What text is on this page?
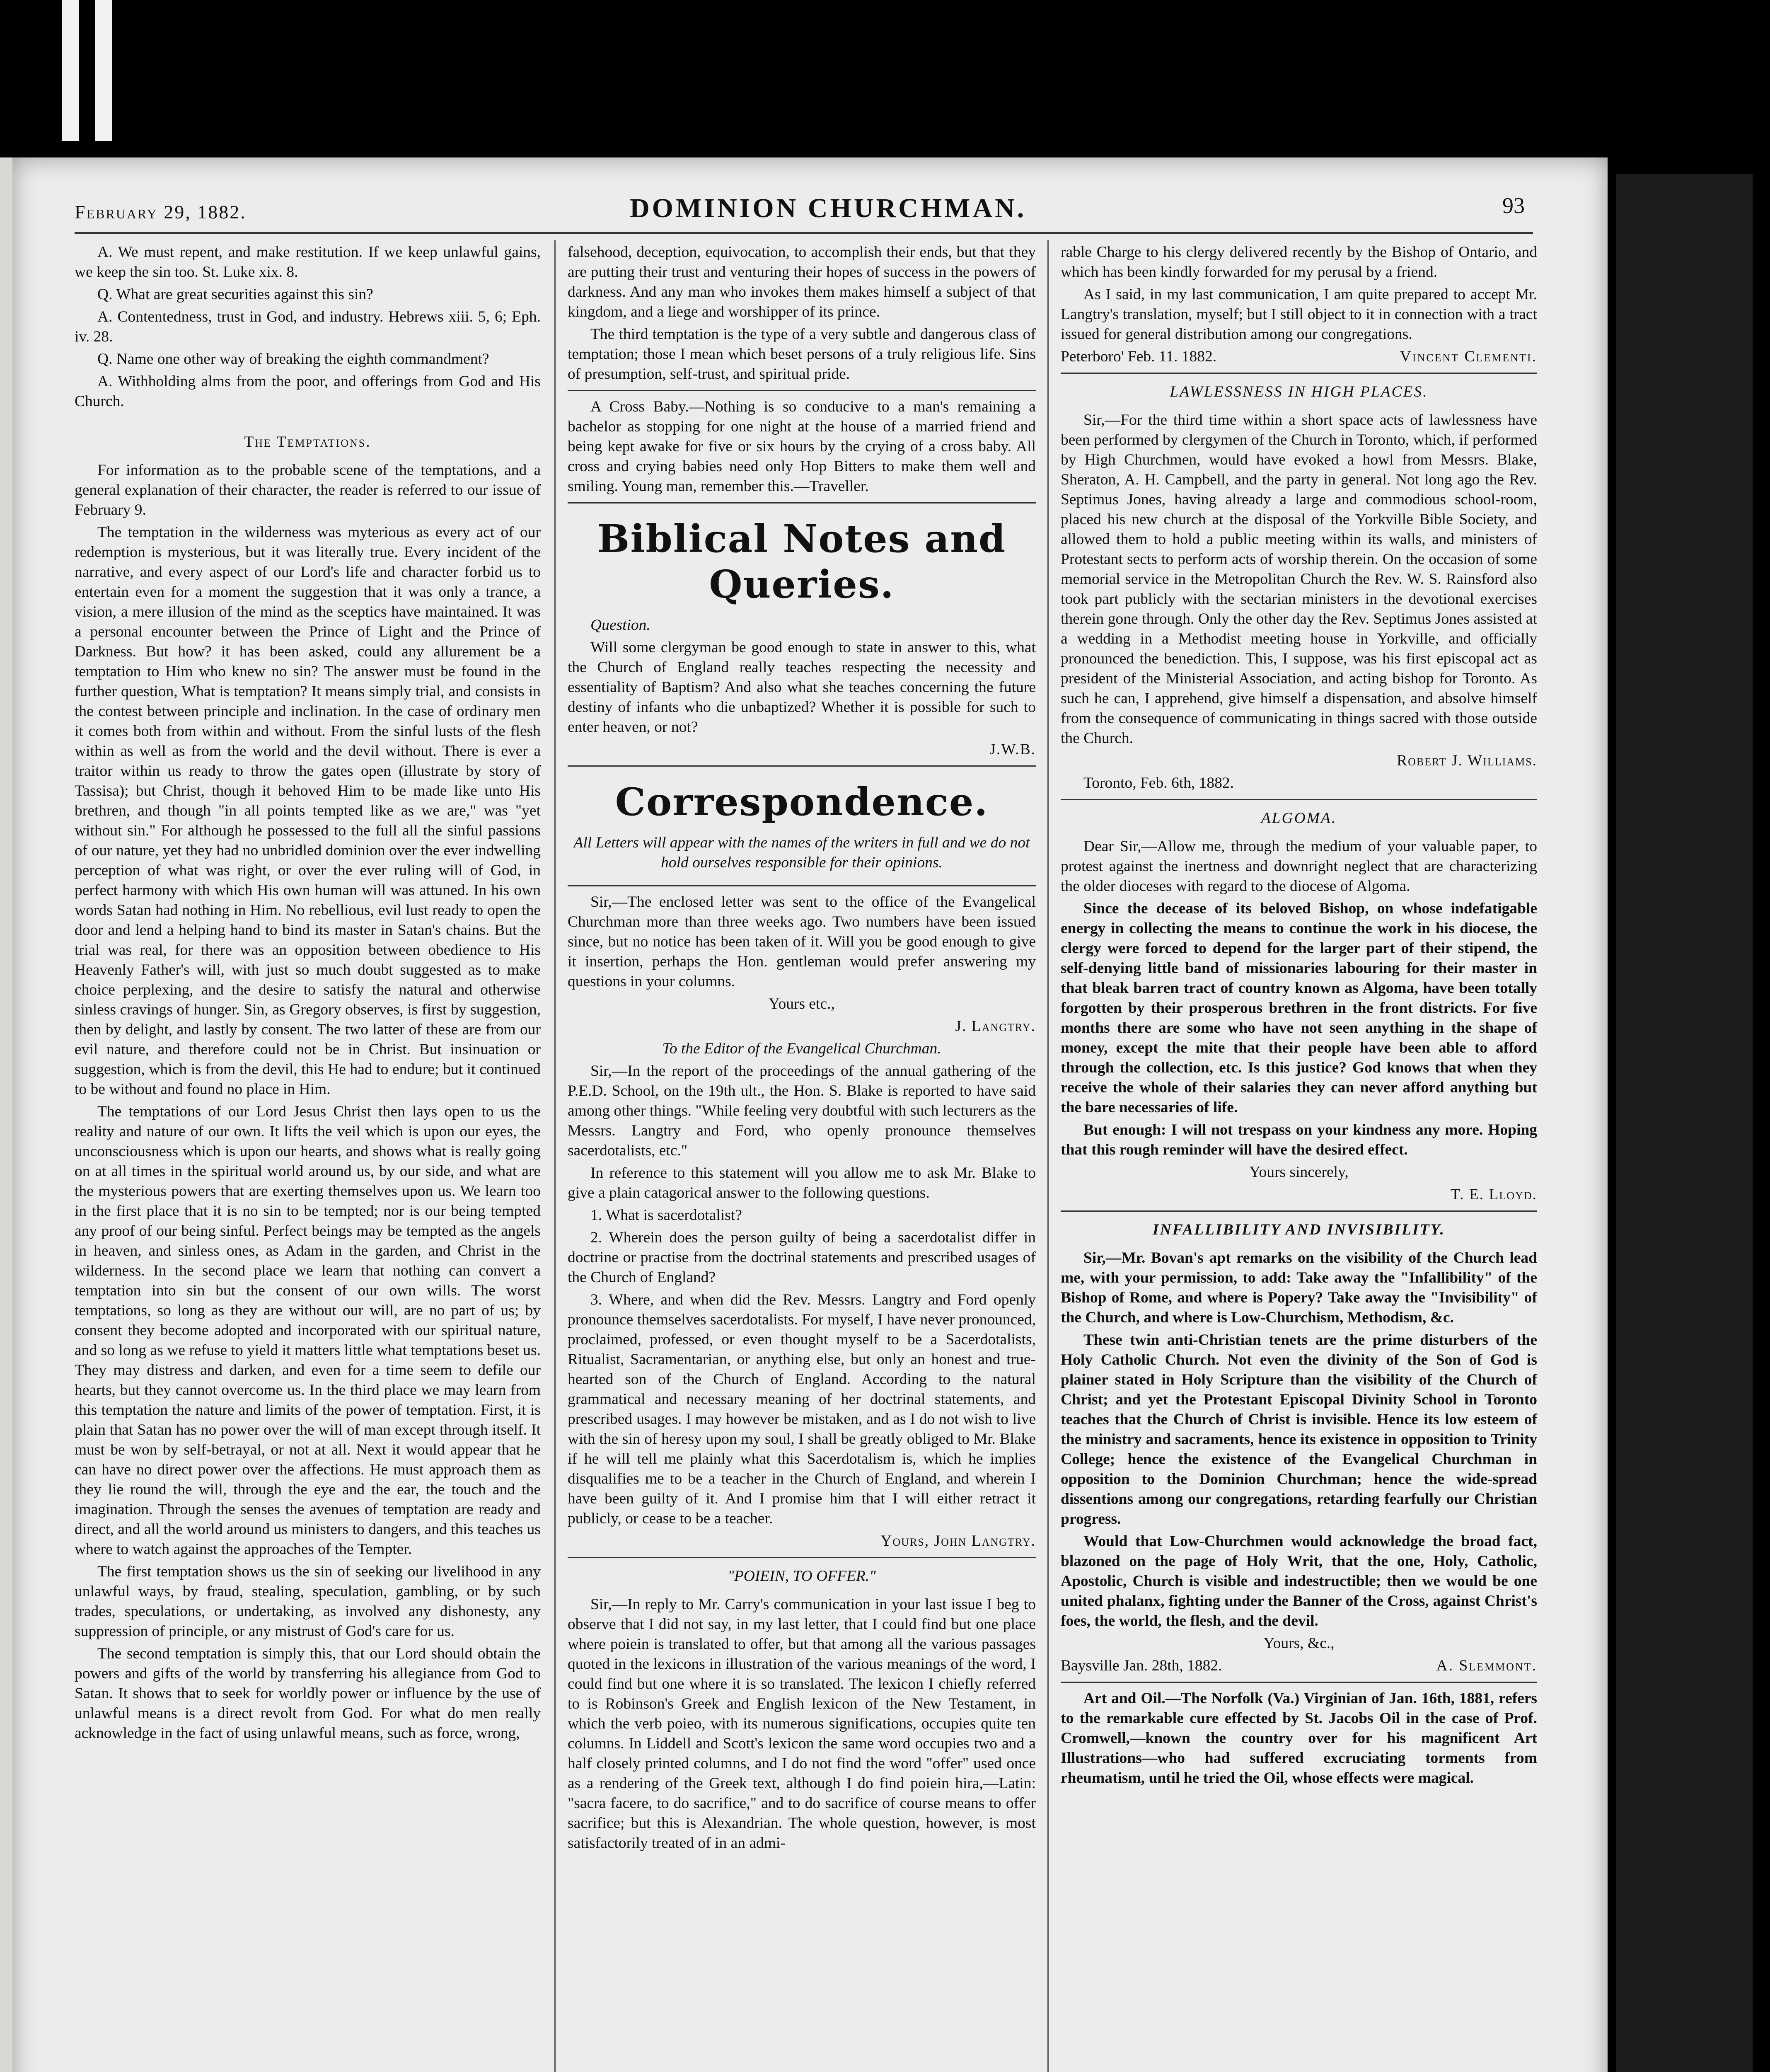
February 29, 1882.	DOMINION CHURCHMAN.	93

A. We must repent, and make restitution. If we keep unlawful gains, we keep the sin too. St. Luke xix. 8.

Q. What are great securities against this sin?

A. Contentedness, trust in God, and industry. Hebrews xiii. 5, 6; Eph. iv. 28.

Q. Name one other way of breaking the eighth commandment?

A. Withholding alms from the poor, and offerings from God and His Church.

The Temptations.

For information as to the probable scene of the temptations, and a general explanation of their character, the reader is referred to our issue of February 9.

The temptation in the wilderness was myterious as every act of our redemption is mysterious, but it was literally true. Every incident of the narrative, and every aspect of our Lord's life and character forbid us to entertain even for a moment the suggestion that it was only a trance, a vision, a mere illusion of the mind as the sceptics have maintained. It was a personal encounter between the Prince of Light and the Prince of Darkness. But how? it has been asked, could any allurement be a temptation to Him who knew no sin? The answer must be found in the further question, What is temptation? It means simply trial, and consists in the contest between principle and inclination. In the case of ordinary men it comes both from within and without. From the sinful lusts of the flesh within as well as from the world and the devil without. There is ever a traitor within us ready to throw the gates open (illustrate by story of Tassisa); but Christ, though it behoved Him to be made like unto His brethren, and though "in all points tempted like as we are," was "yet without sin." For although he possessed to the full all the sinful passions of our nature, yet they had no unbridled dominion over the ever indwelling perception of what was right, or over the ever ruling will of God, in perfect harmony with which His own human will was attuned. In his own words Satan had nothing in Him. No rebellious, evil lust ready to open the door and lend a helping hand to bind its master in Satan's chains. But the trial was real, for there was an opposition between obedience to His Heavenly Father's will, with just so much doubt suggested as to make choice perplexing, and the desire to satisfy the natural and otherwise sinless cravings of hunger. Sin, as Gregory observes, is first by suggestion, then by delight, and lastly by consent. The two latter of these are from our evil nature, and therefore could not be in Christ. But insinuation or suggestion, which is from the devil, this He had to endure; but it continued to be without and found no place in Him.

The temptations of our Lord Jesus Christ then lays open to us the reality and nature of our own. It lifts the veil which is upon our eyes, the unconsciousness which is upon our hearts, and shows what is really going on at all times in the spiritual world around us, by our side, and what are the mysterious powers that are exerting themselves upon us. We learn too in the first place that it is no sin to be tempted; nor is our being tempted any proof of our being sinful. Perfect beings may be tempted as the angels in heaven, and sinless ones, as Adam in the garden, and Christ in the wilderness. In the second place we learn that nothing can convert a temptation into sin but the consent of our own wills. The worst temptations, so long as they are without our will, are no part of us; by consent they become adopted and incorporated with our spiritual nature, and so long as we refuse to yield it matters little what temptations beset us. They may distress and darken, and even for a time seem to defile our hearts, but they cannot overcome us. In the third place we may learn from this temptation the nature and limits of the power of temptation. First, it is plain that Satan has no power over the will of man except through itself. It must be won by self-betrayal, or not at all. Next it would appear that he can have no direct power over the affections. He must approach them as they lie round the will, through the eye and the ear, the touch and the imagination. Through the senses the avenues of temptation are ready and direct, and all the world around us ministers to dangers, and this teaches us where to watch against the approaches of the Tempter.

The first temptation shows us the sin of seeking our livelihood in any unlawful ways, by fraud, stealing, speculation, gambling, or by such trades, speculations, or undertaking, as involved any dishonesty, any suppression of principle, or any mistrust of God's care for us.

The second temptation is simply this, that our Lord should obtain the powers and gifts of the world by transferring his allegiance from God to Satan. It shows that to seek for worldly power or influence by the use of unlawful means is a direct revolt from God. For what do men really acknowledge in the fact of using unlawful means, such as force, wrong,

falsehood, deception, equivocation, to accomplish their ends, but that they are putting their trust and venturing their hopes of success in the powers of darkness. And any man who invokes them makes himself a subject of that kingdom, and a liege and worshipper of its prince.

The third temptation is the type of a very subtle and dangerous class of temptation; those I mean which beset persons of a truly religious life. Sins of presumption, self-trust, and spiritual pride.

A Cross Baby.—Nothing is so conducive to a man's remaining a bachelor as stopping for one night at the house of a married friend and being kept awake for five or six hours by the crying of a cross baby. All cross and crying babies need only Hop Bitters to make them well and smiling. Young man, remember this.—Traveller.

Biblical Notes and Queries.

Question.

Will some clergyman be good enough to state in answer to this, what the Church of England really teaches respecting the necessity and essentiality of Baptism? And also what she teaches concerning the future destiny of infants who die unbaptized? Whether it is possible for such to enter heaven, or not?

J.W.B.

Correspondence.

All Letters will appear with the names of the writers in full and we do not hold ourselves responsible for their opinions.

Sir,—The enclosed letter was sent to the office of the Evangelical Churchman more than three weeks ago. Two numbers have been issued since, but no notice has been taken of it. Will you be good enough to give it insertion, perhaps the Hon. gentleman would prefer answering my questions in your columns.

Yours etc.,

J. Langtry.

To the Editor of the Evangelical Churchman.

Sir,—In the report of the proceedings of the annual gathering of the P.E.D. School, on the 19th ult., the Hon. S. Blake is reported to have said among other things. "While feeling very doubtful with such lecturers as the Messrs. Langtry and Ford, who openly pronounce themselves sacerdotalists, etc."

In reference to this statement will you allow me to ask Mr. Blake to give a plain catagorical answer to the following questions.

1. What is sacerdotalist?

2. Wherein does the person guilty of being a sacerdotalist differ in doctrine or practise from the doctrinal statements and prescribed usages of the Church of England?

3. Where, and when did the Rev. Messrs. Langtry and Ford openly pronounce themselves sacerdotalists. For myself, I have never pronounced, proclaimed, professed, or even thought myself to be a Sacerdotalists, Ritualist, Sacramentarian, or anything else, but only an honest and true-hearted son of the Church of England. According to the natural grammatical and necessary meaning of her doctrinal statements, and prescribed usages. I may however be mistaken, and as I do not wish to live with the sin of heresy upon my soul, I shall be greatly obliged to Mr. Blake if he will tell me plainly what this Sacerdotalism is, which he implies disqualifies me to be a teacher in the Church of England, and wherein I have been guilty of it. And I promise him that I will either retract it publicly, or cease to be a teacher.

Yours, John Langtry.

"POIEIN, TO OFFER."

Sir,—In reply to Mr. Carry's communication in your last issue I beg to observe that I did not say, in my last letter, that I could find but one place where poiein is translated to offer, but that among all the various passages quoted in the lexicons in illustration of the various meanings of the word, I could find but one where it is so translated. The lexicon I chiefly referred to is Robinson's Greek and English lexicon of the New Testament, in which the verb poieo, with its numerous significations, occupies quite ten columns. In Liddell and Scott's lexicon the same word occupies two and a half closely printed columns, and I do not find the word "offer" used once as a rendering of the Greek text, although I do find poiein hira,—Latin: "sacra facere, to do sacrifice," and to do sacrifice of course means to offer sacrifice; but this is Alexandrian. The whole question, however, is most satisfactorily treated of in an admi-

rable Charge to his clergy delivered recently by the Bishop of Ontario, and which has been kindly forwarded for my perusal by a friend.

As I said, in my last communication, I am quite prepared to accept Mr. Langtry's translation, myself; but I still object to it in connection with a tract issued for general distribution among our congregations.

Peterboro' Feb. 11. 1882.	Vincent Clementi.

LAWLESSNESS IN HIGH PLACES.

Sir,—For the third time within a short space acts of lawlessness have been performed by clergymen of the Church in Toronto, which, if performed by High Churchmen, would have evoked a howl from Messrs. Blake, Sheraton, A. H. Campbell, and the party in general. Not long ago the Rev. Septimus Jones, having already a large and commodious school-room, placed his new church at the disposal of the Yorkville Bible Society, and allowed them to hold a public meeting within its walls, and ministers of Protestant sects to perform acts of worship therein. On the occasion of some memorial service in the Metropolitan Church the Rev. W. S. Rainsford also took part publicly with the sectarian ministers in the devotional exercises therein gone through. Only the other day the Rev. Septimus Jones assisted at a wedding in a Methodist meeting house in Yorkville, and officially pronounced the benediction. This, I suppose, was his first episcopal act as president of the Ministerial Association, and acting bishop for Toronto. As such he can, I apprehend, give himself a dispensation, and absolve himself from the consequence of communicating in things sacred with those outside the Church.

Robert J. Williams.

Toronto, Feb. 6th, 1882.

ALGOMA.

Dear Sir,—Allow me, through the medium of your valuable paper, to protest against the inertness and downright neglect that are characterizing the older dioceses with regard to the diocese of Algoma.

Since the decease of its beloved Bishop, on whose indefatigable energy in collecting the means to continue the work in his diocese, the clergy were forced to depend for the larger part of their stipend, the self-denying little band of missionaries labouring for their master in that bleak barren tract of country known as Algoma, have been totally forgotten by their prosperous brethren in the front districts. For five months there are some who have not seen anything in the shape of money, except the mite that their people have been able to afford through the collection, etc. Is this justice? God knows that when they receive the whole of their salaries they can never afford anything but the bare necessaries of life.

But enough: I will not trespass on your kindness any more. Hoping that this rough reminder will have the desired effect.

Yours sincerely,

T. E. Lloyd.

INFALLIBILITY AND INVISIBILITY.

Sir,—Mr. Bovan's apt remarks on the visibility of the Church lead me, with your permission, to add: Take away the "Infallibility" of the Bishop of Rome, and where is Popery? Take away the "Invisibility" of the Church, and where is Low-Churchism, Methodism, &c.

These twin anti-Christian tenets are the prime disturbers of the Holy Catholic Church. Not even the divinity of the Son of God is plainer stated in Holy Scripture than the visibility of the Church of Christ; and yet the Protestant Episcopal Divinity School in Toronto teaches that the Church of Christ is invisible. Hence its low esteem of the ministry and sacraments, hence its existence in opposition to Trinity College; hence the existence of the Evangelical Churchman in opposition to the Dominion Churchman; hence the wide-spread dissentions among our congregations, retarding fearfully our Christian progress.

Would that Low-Churchmen would acknowledge the broad fact, blazoned on the page of Holy Writ, that the one, Holy, Catholic, Apostolic, Church is visible and indestructible; then we would be one united phalanx, fighting under the Banner of the Cross, against Christ's foes, the world, the flesh, and the devil.

Yours, &c.,

Baysville Jan. 28th, 1882.	A. Slemmont.

Art and Oil.—The Norfolk (Va.) Virginian of Jan. 16th, 1881, refers to the remarkable cure effected by St. Jacobs Oil in the case of Prof. Cromwell,—known the country over for his magnificent Art Illustrations—who had suffered excruciating torments from rheumatism, until he tried the Oil, whose effects were magical.
